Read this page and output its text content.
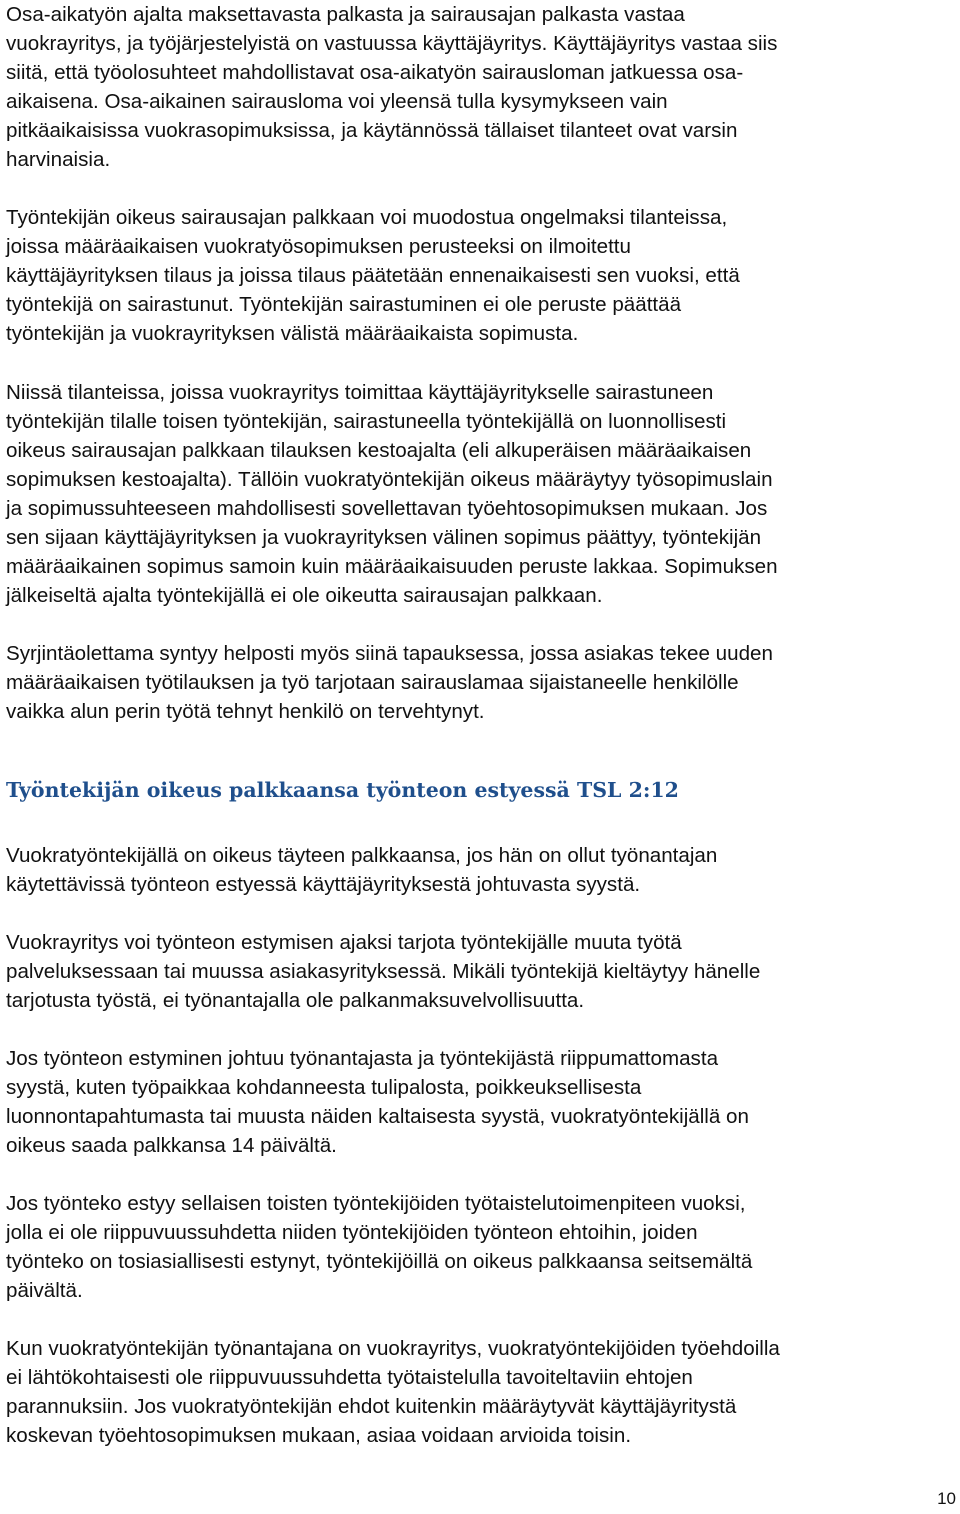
Osa-aikatyön ajalta maksettavasta palkasta ja sairausajan palkasta vastaa
vuokrayritys, ja työjärjestelyistä on vastuussa käyttäjäyritys. Käyttäjäyritys vastaa siis
siitä, että työolosuhteet mahdollistavat osa-aikatyön sairausloman jatkuessa osa-
aikaisena. Osa-aikainen sairausloma voi yleensä tulla kysymykseen vain
pitkäaikaisissa vuokrasopimuksissa, ja käytännössä tällaiset tilanteet ovat varsin
harvinaisia.

Työntekijän oikeus sairausajan palkkaan voi muodostua ongelmaksi tilanteissa,
joissa määräaikaisen vuokratyösopimuksen perusteeksi on ilmoitettu
käyttäjäyrityksen tilaus ja joissa tilaus päätetään ennenaikaisesti sen vuoksi, että
työntekijä on sairastunut. Työntekijän sairastuminen ei ole peruste päättää
työntekijän ja vuokrayrityksen välistä määräaikaista sopimusta.

Niissä tilanteissa, joissa vuokrayritys toimittaa käyttäjäyritykselle sairastuneen
työntekijän tilalle toisen työntekijän, sairastuneella työntekijällä on luonnollisesti
oikeus sairausajan palkkaan tilauksen kestoajalta (eli alkuperäisen määräaikaisen
sopimuksen kestoajalta). Tällöin vuokratyöntekijän oikeus määräytyy työsopimuslain
ja sopimussuhteeseen mahdollisesti sovellettavan työehtosopimuksen mukaan. Jos
sen sijaan käyttäjäyrityksen ja vuokrayrityksen välinen sopimus päättyy, työntekijän
määräaikainen sopimus samoin kuin määräaikaisuuden peruste lakkaa. Sopimuksen
jälkeiseltä ajalta työntekijällä ei ole oikeutta sairausajan palkkaan.

Syrjintäolettama syntyy helposti myös siinä tapauksessa, jossa asiakas tekee uuden
määräaikaisen työtilauksen ja työ tarjotaan sairauslamaa sijaistaneelle henkilölle
vaikka alun perin työtä tehnyt henkilö on tervehtynyt.

Työntekijän oikeus palkkaansa työnteon estyessä TSL 2:12

Vuokratyöntekijällä on oikeus täyteen palkkaansa, jos hän on ollut työnantajan
käytettävissä työnteon estyessä käyttäjäyrityksestä johtuvasta syystä.

Vuokrayritys voi työnteon estymisen ajaksi tarjota työntekijälle muuta työtä
palveluksessaan tai muussa asiakasyrityksessä. Mikäli työntekijä kieltäytyy hänelle
tarjotusta työstä, ei työnantajalla ole palkanmaksuvelvollisuutta.

Jos työnteon estyminen johtuu työnantajasta ja työntekijästä riippumattomasta
syystä, kuten työpaikkaa kohdanneesta tulipalosta, poikkeuksellisesta
luonnontapahtumasta tai muusta näiden kaltaisesta syystä, vuokratyöntekijällä on
oikeus saada palkkansa 14 päivältä.

Jos työnteko estyy sellaisen toisten työntekijöiden työtaistelutoimenpiteen vuoksi,
jolla ei ole riippuvuussuhdetta niiden työntekijöiden työnteon ehtoihin, joiden
työnteko on tosiasiallisesti estynyt, työntekijöillä on oikeus palkkaansa seitsemältä
päivältä.

Kun vuokratyöntekijän työnantajana on vuokrayritys, vuokratyöntekijöiden työehdoilla
ei lähtökohtaisesti ole riippuvuussuhdetta työtaistelulla tavoiteltaviin ehtojen
parannuksiin. Jos vuokratyöntekijän ehdot kuitenkin määräytyvät käyttäjäyritystä
koskevan työehtosopimuksen mukaan, asiaa voidaan arvioida toisin.

10
